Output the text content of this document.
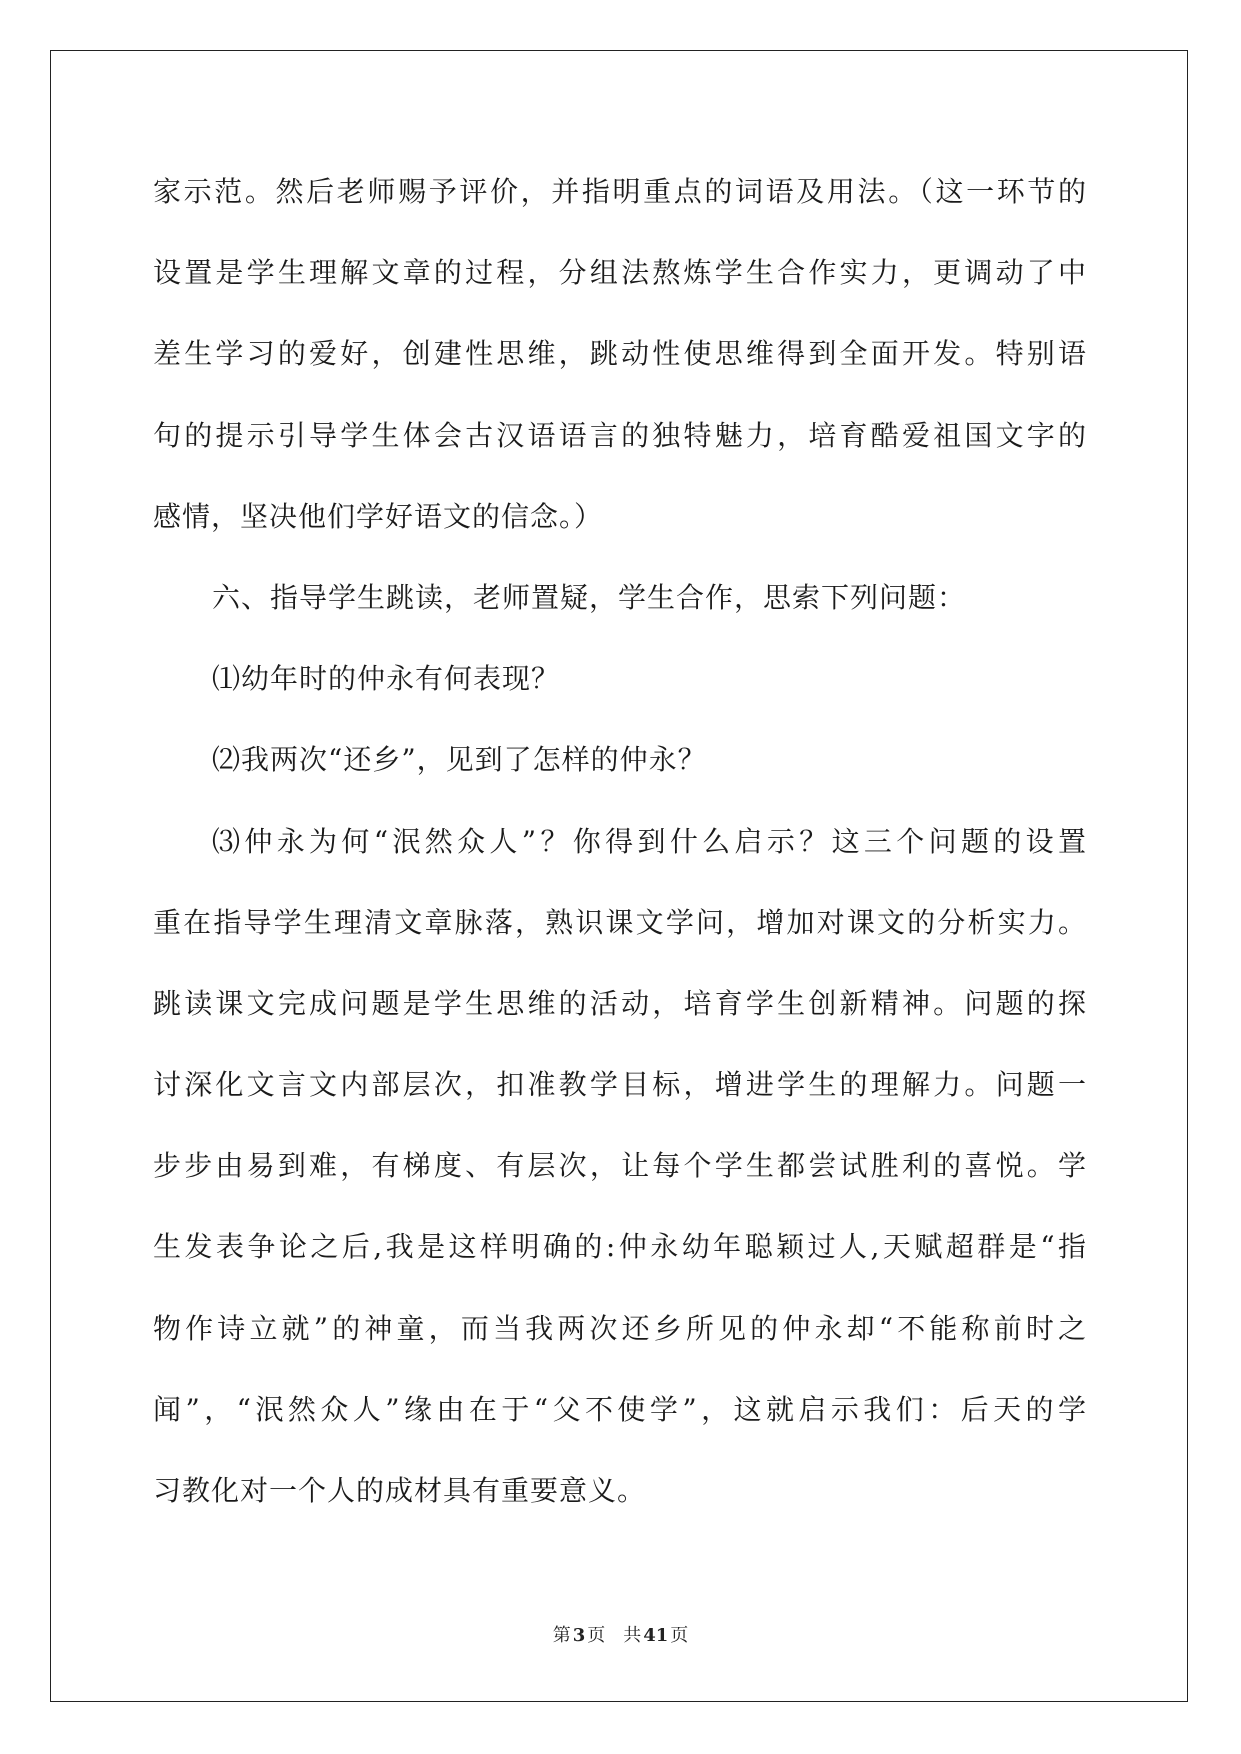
家示范。然后老师赐予评价，并指明重点的词语及用法。（这一环节的
设置是学生理解文章的过程，分组法熬炼学生合作实力，更调动了中
差生学习的爱好，创建性思维，跳动性使思维得到全面开发。特别语
句的提示引导学生体会古汉语语言的独特魅力，培育酷爱祖国文字的
感情，坚决他们学好语文的信念。）
六、指导学生跳读，老师置疑，学生合作，思索下列问题：
⑴幼年时的仲永有何表现？
⑵我两次“还乡”，见到了怎样的仲永？
⑶仲永为何“泯然众人”？你得到什么启示？这三个问题的设置
重在指导学生理清文章脉落，熟识课文学问，增加对课文的分析实力。
跳读课文完成问题是学生思维的活动，培育学生创新精神。问题的探
讨深化文言文内部层次，扣准教学目标，增进学生的理解力。问题一
步步由易到难，有梯度、有层次，让每个学生都尝试胜利的喜悦。学
生发表争论之后,我是这样明确的:仲永幼年聪颖过人,天赋超群是“指
物作诗立就”的神童，而当我两次还乡所见的仲永却“不能称前时之
闻”，“泯然众人”缘由在于“父不使学”，这就启示我们：后天的学
习教化对一个人的成材具有重要意义。
第 3 页 共 41 页
